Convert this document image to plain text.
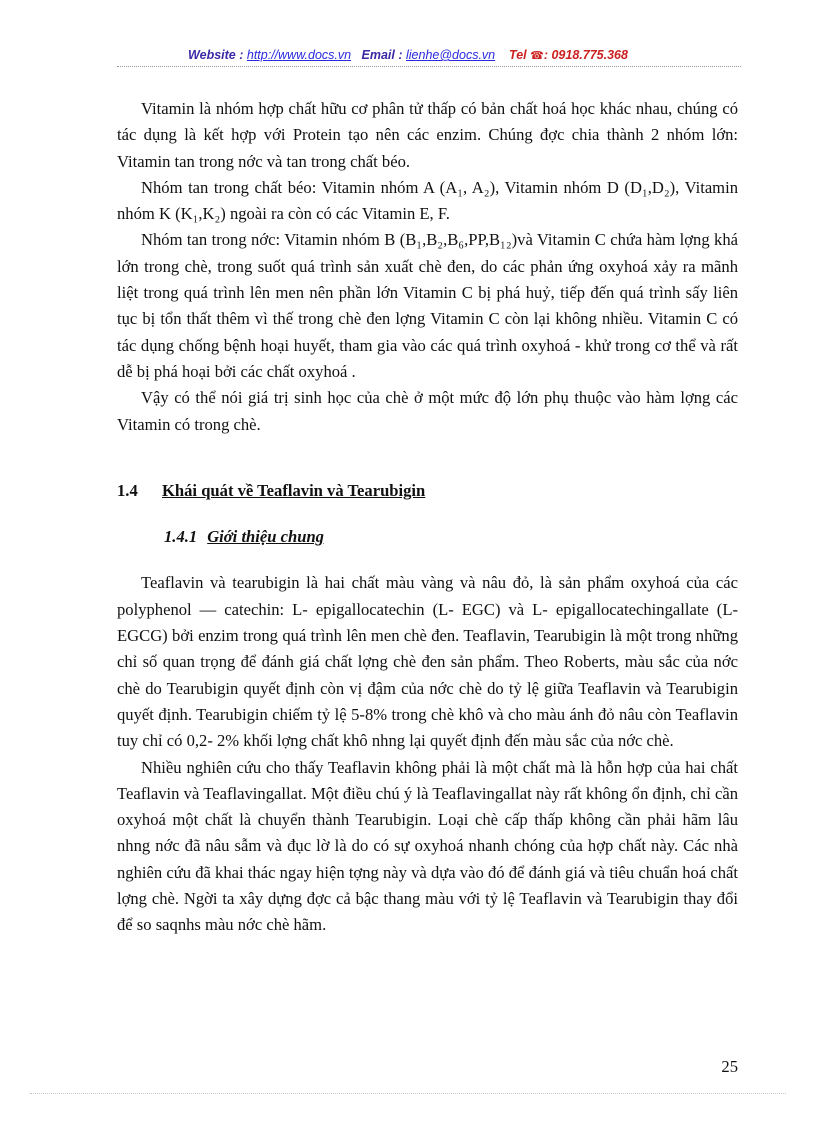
Website : http://www.docs.vn Email : lienhe@docs.vn Tel ☎: 0918.775.368

Vitamin là nhóm hợp chất hữu cơ phân tử thấp có bản chất hoá học khác nhau, chúng có tác dụng là kết hợp với Protein tạo nên các enzim. Chúng đợc chia thành 2 nhóm lớn: Vitamin tan trong nớc và tan trong chất béo.

Nhóm tan trong chất béo: Vitamin nhóm A (A₁, A₂), Vitamin nhóm D (D₁,D₂), Vitamin nhóm K (K₁,K₂) ngoài ra còn có các Vitamin E, F.

Nhóm tan trong nớc: Vitamin nhóm B (B₁,B₂,B₆,PP,B₁₂)và Vitamin C chứa hàm lợng khá lớn trong chè, trong suốt quá trình sản xuất chè đen, do các phản ứng oxyhoá xảy ra mãnh liệt trong quá trình lên men nên phần lớn Vitamin C bị phá huỷ, tiếp đến quá trình sấy liên tục bị tổn thất thêm vì thế trong chè đen lợng Vitamin C còn lại không nhiều. Vitamin C có tác dụng chống bệnh hoại huyết, tham gia vào các quá trình oxyhoá - khử trong cơ thể và rất dễ bị phá hoại bởi các chất oxyhoá .

Vậy có thể nói giá trị sinh học của chè ở một mức độ lớn phụ thuộc vào hàm lợng các Vitamin có trong chè.

1.4 Khái quát về Teaflavin và Tearubigin
1.4.1 Giới thiệu chung

Teaflavin và tearubigin là hai chất màu vàng và nâu đỏ, là sản phẩm oxyhoá của các polyphenol — catechin: L- epigallocatechin (L- EGC) và L- epigallocatechingallate (L- EGCG) bởi enzim trong quá trình lên men chè đen. Teaflavin, Tearubigin là một trong những chỉ số quan trọng để đánh giá chất lợng chè đen sản phẩm. Theo Roberts, màu sắc của nớc chè do Tearubigin quyết định còn vị đậm của nớc chè do tỷ lệ giữa Teaflavin và Tearubigin quyết định. Tearubigin chiếm tỷ lệ 5-8% trong chè khô và cho màu ánh đỏ nâu còn Teaflavin tuy chỉ có 0,2- 2% khối lợng chất khô nhng lại quyết định đến màu sắc của nớc chè.

Nhiều nghiên cứu cho thấy Teaflavin không phải là một chất mà là hỗn hợp của hai chất Teaflavin và Teaflavingallat. Một điều chú ý là Teaflavingallat này rất không ổn định, chỉ cần oxyhoá một chất là chuyển thành Tearubigin. Loại chè cấp thấp không cần phải hãm lâu nhng nớc đã nâu sẫm và đục lờ là do có sự oxyhoá nhanh chóng của hợp chất này. Các nhà nghiên cứu đã khai thác ngay hiện tợng này và dựa vào đó để đánh giá và tiêu chuẩn hoá chất lợng chè. Ngời ta xây dựng đợc cả bậc thang màu với tỷ lệ Teaflavin và Tearubigin thay đổi để so saqnhs màu nớc chè hãm.

25
